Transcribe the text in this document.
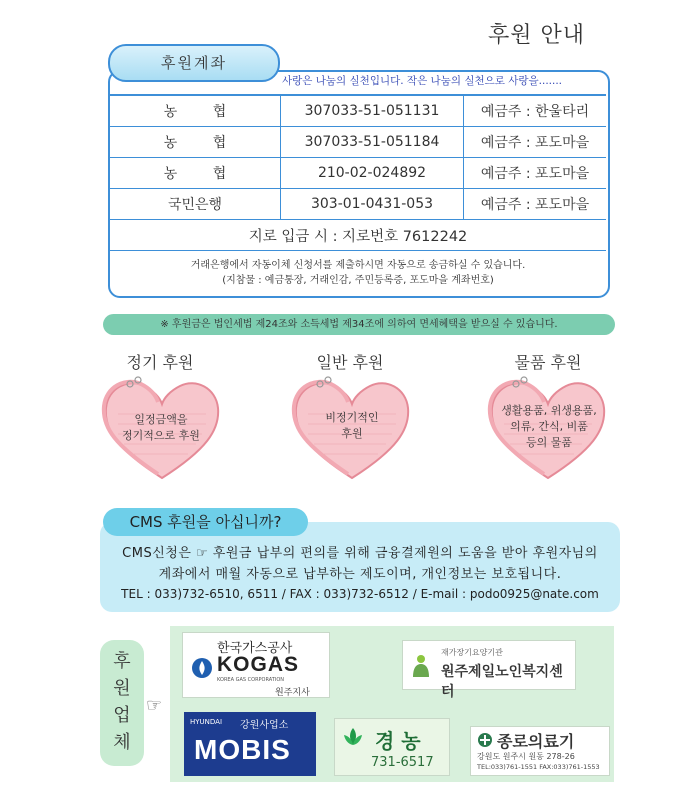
후원 안내
후원계좌
사랑은 나눔의 실천입니다. 작은 나눔의 실천으로 사랑을.......
농        협	307033-51-051131	예금주 : 한울타리
농        협	307033-51-051184	예금주 : 포도마을
농        협	210-02-024892	예금주 : 포도마을
국민은행	303-01-0431-053	예금주 : 포도마을
지로 입금 시 : 지로번호 7612242		
거래은행에서 자동이체 신청서를 제출하시면 자동으로 송금하실 수 있습니다.
(지참물 : 예금통장, 거래인감, 주민등록증, 포도마을 계좌번호)
※ 후원금은 법인세법 제24조와 소득세법 제34조에 의하여 면세혜택을 받으실 수 있습니다.
정기 후원	일반 후원	물품 후원
일정금액을
정기적으로 후원
비정기적인
후원
생활용품, 위생용품,
의류, 간식, 비품
등의 물품
CMS 후원을 아십니까?
CMS신청은 ☞ 후원금 납부의 편의를 위해 금융결제원의 도움을 받아 후원자님의
계좌에서 매월 자동으로 납부하는 제도이며, 개인정보는 보호됩니다.
TEL : 033)732-6510, 6511 / FAX : 033)732-6512 / E-mail : podo0925@nate.com
후
원
업
체
☞
한국가스공사
KOGAS
KOREA GAS CORPORATION
원주지사
재가장기요양기관
원주제일노인복지센터
HYUNDAI 강원사업소
MOBIS	경 농
731-6517
종로의료기
강원도 원주시 원동 278-26
TEL:033)761-1551 FAX:033)761-1553
